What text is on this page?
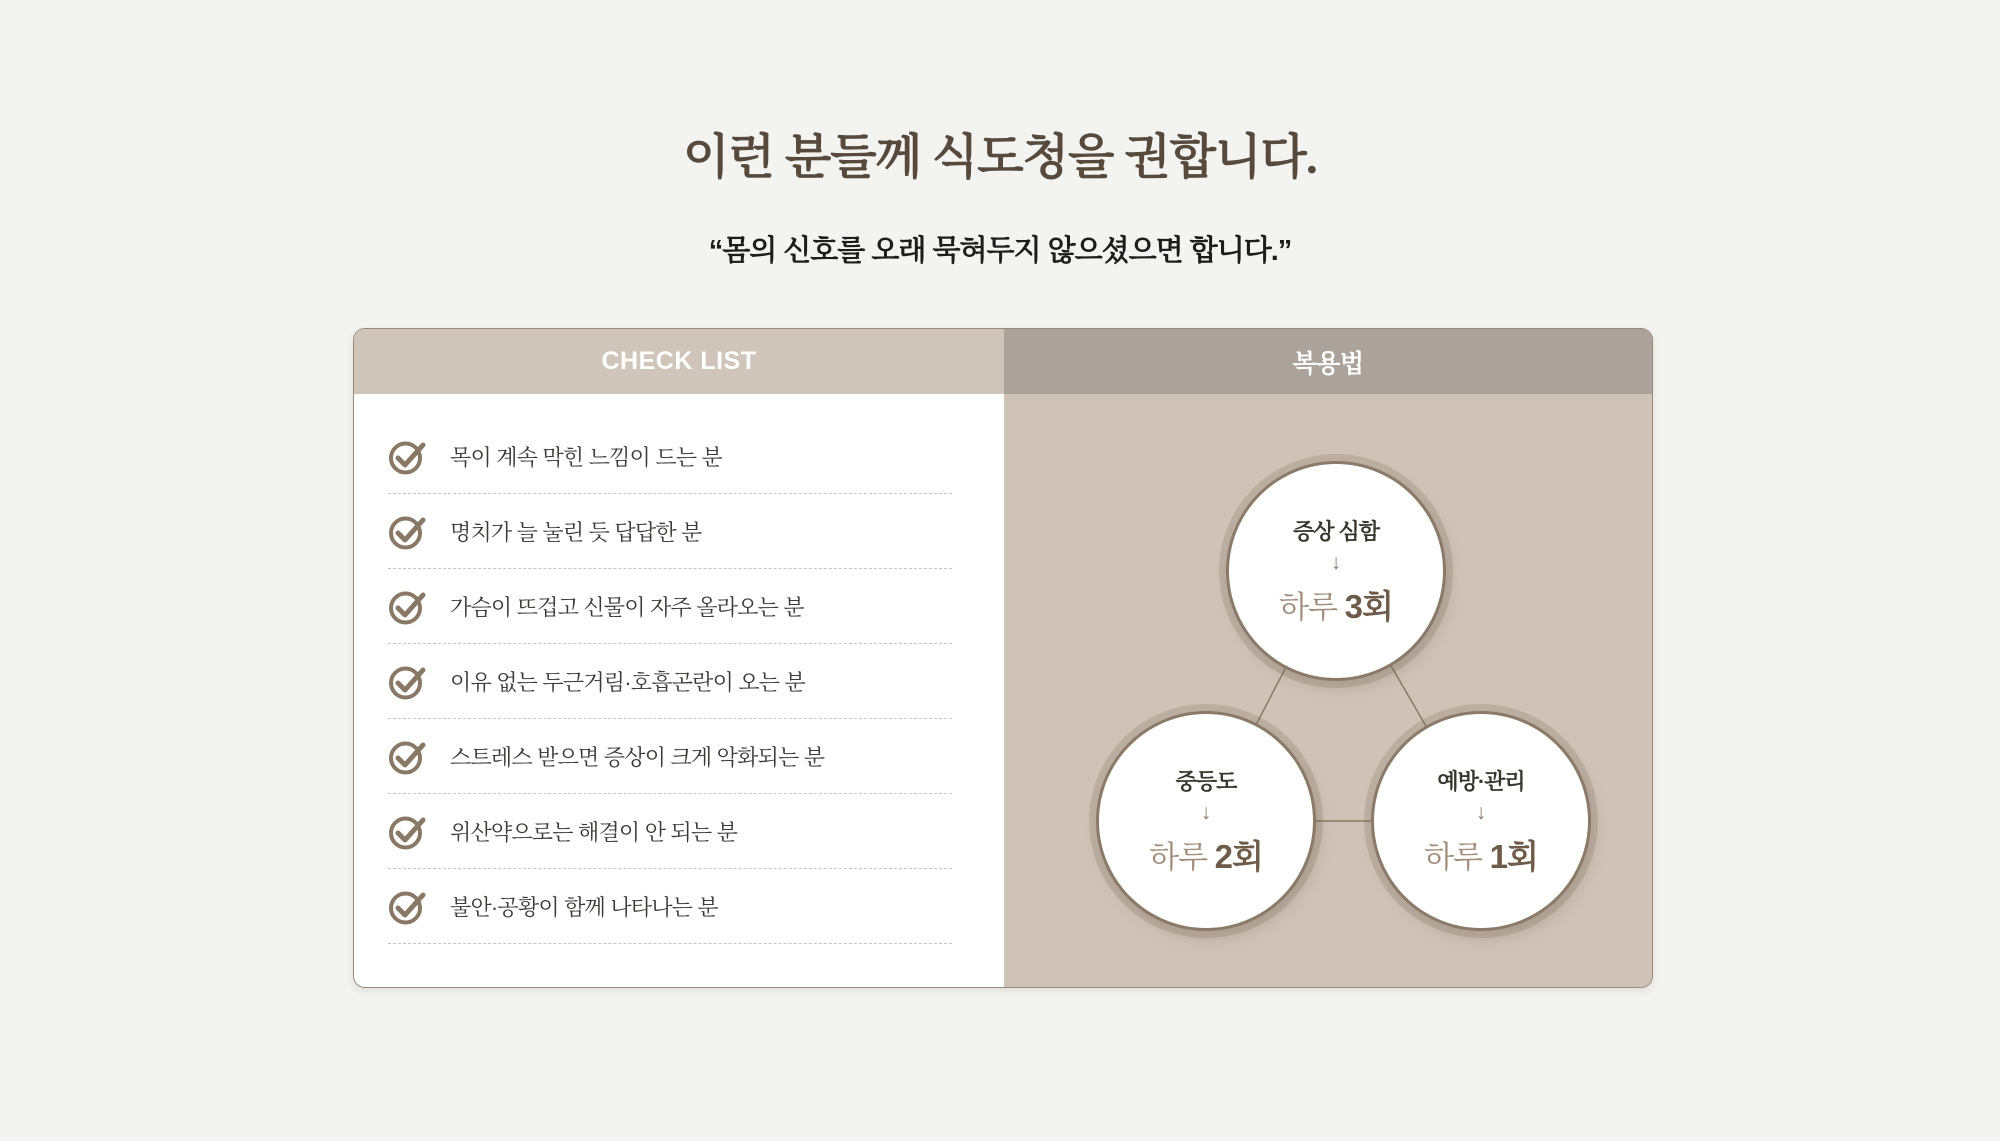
이런 분들께 식도청을 권합니다.

“몸의 신호를 오래 묵혀두지 않으셨으면 합니다.”

CHECK LIST
목이 계속 막힌 느낌이 드는 분
명치가 늘 눌린 듯 답답한 분
가슴이 뜨겁고 신물이 자주 올라오는 분
이유 없는 두근거림·호흡곤란이 오는 분
스트레스 받으면 증상이 크게 악화되는 분
위산약으로는 해결이 안 되는 분
불안·공황이 함께 나타나는 분
복용법
증상 심함
↓
하루 3회
중등도
↓
하루 2회
예방·관리
↓
하루 1회
